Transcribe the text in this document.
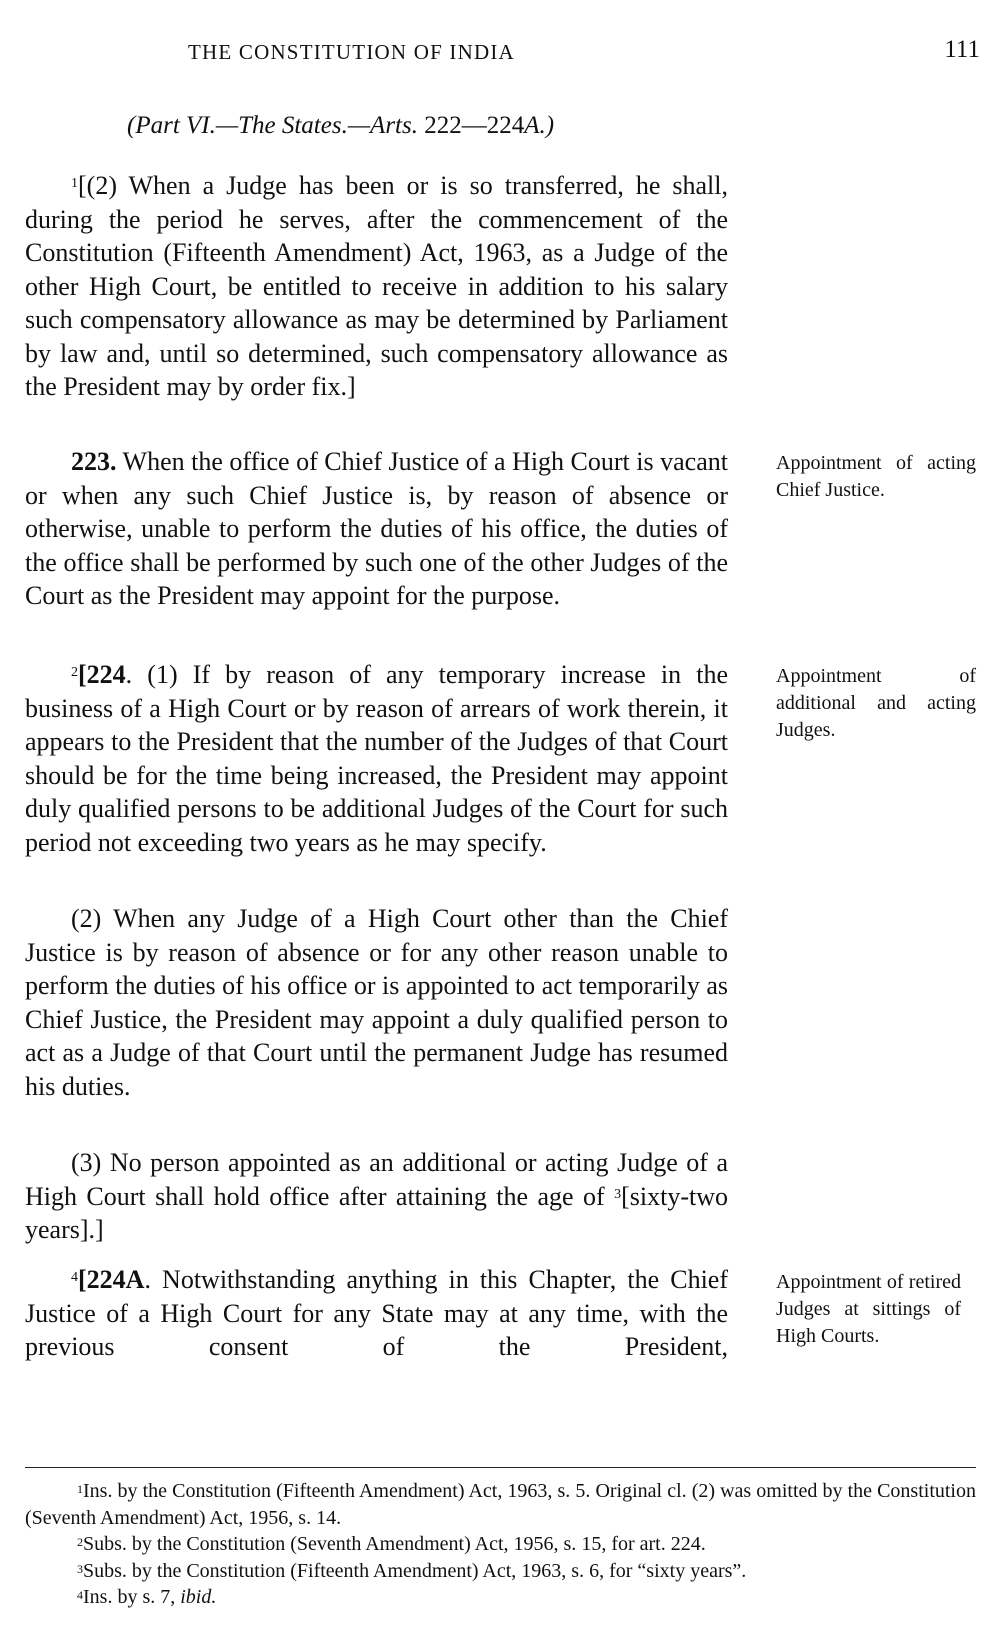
THE CONSTITUTION OF INDIA	111
(Part VI.—The States.—Arts. 222—224A.)

$^1$[(2) When a Judge has been or is so transferred, he shall, during the period he serves, after the commencement of the Constitution (Fifteenth Amendment) Act, 1963, as a Judge of the other High Court, be entitled to receive in addition to his salary such compensatory allowance as may be determined by Parliament by law and, until so determined, such compensatory allowance as the President may by order fix.]

223. When the office of Chief Justice of a High Court is vacant or when any such Chief Justice is, by reason of absence or otherwise, unable to perform the duties of his office, the duties of the office shall be performed by such one of the other Judges of the Court as the President may appoint for the purpose.

Appointment of acting Chief Justice.

$^2$[224. (1) If by reason of any temporary increase in the business of a High Court or by reason of arrears of work therein, it appears to the President that the number of the Judges of that Court should be for the time being increased, the President may appoint duly qualified persons to be additional Judges of the Court for such period not exceeding two years as he may specify.

Appointment of additional and acting Judges.

(2) When any Judge of a High Court other than the Chief Justice is by reason of absence or for any other reason unable to perform the duties of his office or is appointed to act temporarily as Chief Justice, the President may appoint a duly qualified person to act as a Judge of that Court until the permanent Judge has resumed his duties.

(3) No person appointed as an additional or acting Judge of a High Court shall hold office after attaining the age of $^3$[sixty-two years].]

$^4$[224A. Notwithstanding anything in this Chapter, the Chief Justice of a High Court for any State may at any time, with the previous consent of the President,

Appointment of retired Judges at sittings of High Courts.

$^1$Ins. by the Constitution (Fifteenth Amendment) Act, 1963, s. 5. Original cl. (2) was omitted by the Constitution (Seventh Amendment) Act, 1956, s. 14.

$^2$Subs. by the Constitution (Seventh Amendment) Act, 1956, s. 15, for art. 224.

$^3$Subs. by the Constitution (Fifteenth Amendment) Act, 1963, s. 6, for “sixty years”.

$^4$Ins. by s. 7, ibid.
